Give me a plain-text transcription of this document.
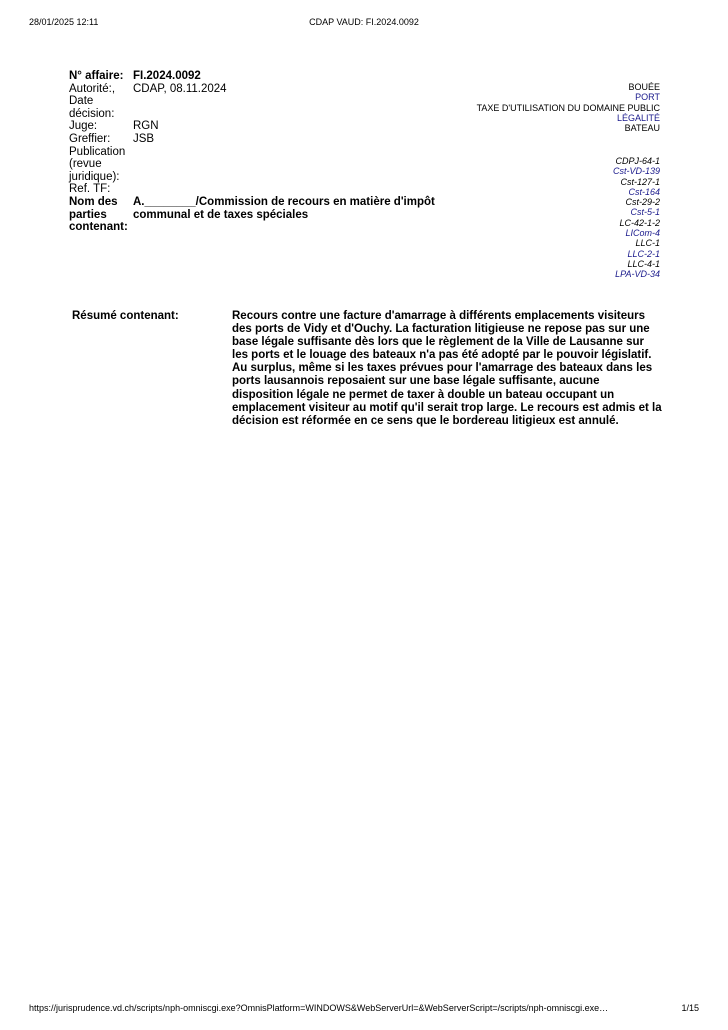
28/01/2025 12:11	CDAP VAUD: FI.2024.0092
N° affaire: FI.2024.0092
Autorité:,	CDAP, 08.11.2024
Date décision:
Juge:	RGN
Greffier:	JSB
Publication (revue juridique):
Ref. TF:
Nom des parties contenant:
A.________/Commission de recours en matière d'impôt communal et de taxes spéciales
BOUÉE
PORT
TAXE D'UTILISATION DU DOMAINE PUBLIC
LÉGALITÉ
BATEAU
CDPJ-64-1
Cst-VD-139
Cst-127-1
Cst-164
Cst-29-2
Cst-5-1
LC-42-1-2
LICom-4
LLC-1
LLC-2-1
LLC-4-1
LPA-VD-34
Résumé contenant:	Recours contre une facture d'amarrage à différents emplacements visiteurs des ports de Vidy et d'Ouchy. La facturation litigieuse ne repose pas sur une base légale suffisante dès lors que le règlement de la Ville de Lausanne sur les ports et le louage des bateaux n'a pas été adopté par le pouvoir législatif. Au surplus, même si les taxes prévues pour l'amarrage des bateaux dans les ports lausannois reposaient sur une base légale suffisante, aucune disposition légale ne permet de taxer à double un bateau occupant un emplacement visiteur au motif qu'il serait trop large. Le recours est admis et la décision est réformée en ce sens que le bordereau litigieux est annulé.
https://jurisprudence.vd.ch/scripts/nph-omniscgi.exe?OmnisPlatform=WINDOWS&WebServerUrl=&WebServerScript=/scripts/nph-omniscgi.exe…	1/15
